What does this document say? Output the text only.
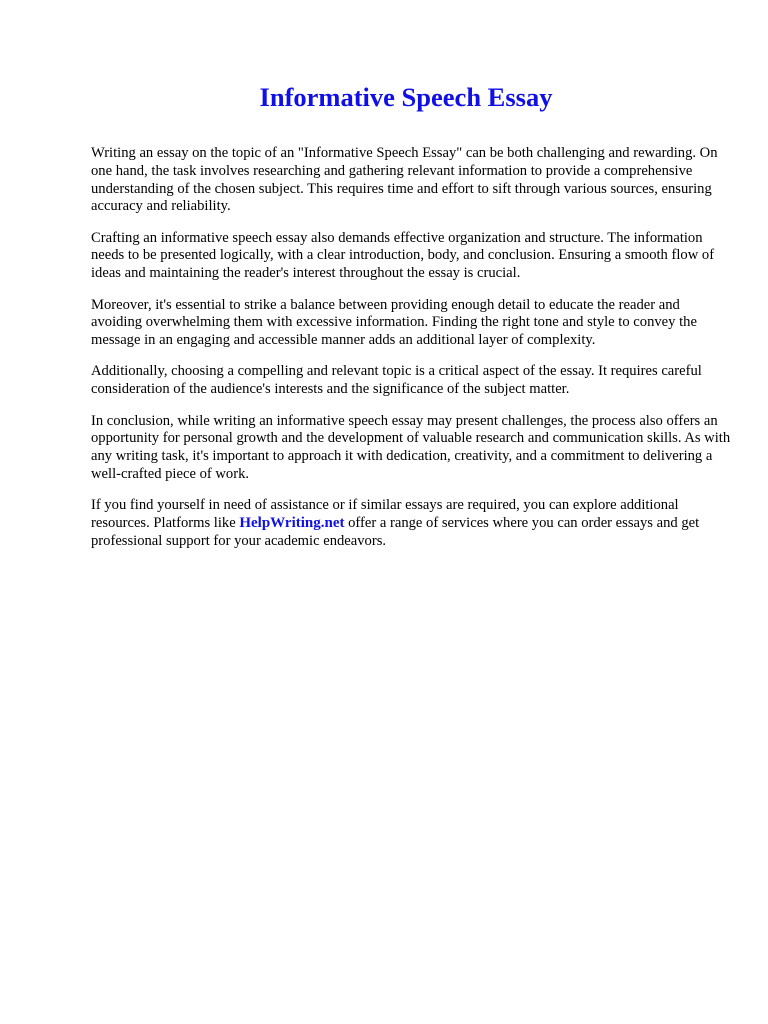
Informative Speech Essay

Writing an essay on the topic of an "Informative Speech Essay" can be both challenging and rewarding. On one hand, the task involves researching and gathering relevant information to provide a comprehensive understanding of the chosen subject. This requires time and effort to sift through various sources, ensuring accuracy and reliability.

Crafting an informative speech essay also demands effective organization and structure. The information needs to be presented logically, with a clear introduction, body, and conclusion. Ensuring a smooth flow of ideas and maintaining the reader's interest throughout the essay is crucial.

Moreover, it's essential to strike a balance between providing enough detail to educate the reader and avoiding overwhelming them with excessive information. Finding the right tone and style to convey the message in an engaging and accessible manner adds an additional layer of complexity.

Additionally, choosing a compelling and relevant topic is a critical aspect of the essay. It requires careful consideration of the audience's interests and the significance of the subject matter.

In conclusion, while writing an informative speech essay may present challenges, the process also offers an opportunity for personal growth and the development of valuable research and communication skills. As with any writing task, it's important to approach it with dedication, creativity, and a commitment to delivering a well-crafted piece of work.

If you find yourself in need of assistance or if similar essays are required, you can explore additional resources. Platforms like HelpWriting.net offer a range of services where you can order essays and get professional support for your academic endeavors.
